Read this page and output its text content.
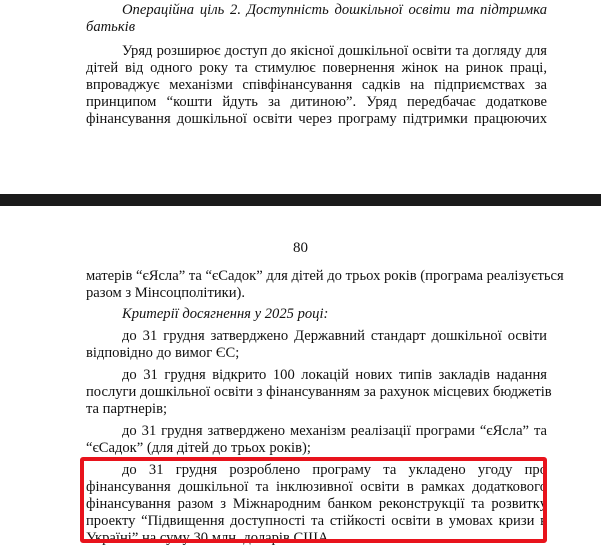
Операційна ціль 2. Доступність дошкільної освіти та підтримка
батьків
Уряд розширює доступ до якісної дошкільної освіти та догляду для
дітей від одного року та стимулює повернення жінок на ринок праці,
впроваджує механізми співфінансування садків на підприємствах за
принципом “кошти йдуть за дитиною”. Уряд передбачає додаткове
фінансування дошкільної освіти через програму підтримки працюючих
80
матерів “єЯсла” та “єСадок” для дітей до трьох років (програма реалізується
разом з Мінсоцполітики).
Критерії досягнення у 2025 році:
до 31 грудня затверджено Державний стандарт дошкільної освіти
відповідно до вимог ЄС;
до 31 грудня відкрито 100 локацій нових типів закладів надання
послуги дошкільної освіти з фінансуванням за рахунок місцевих бюджетів
та партнерів;
до 31 грудня затверджено механізм реалізації програми “єЯсла” та
“єСадок” (для дітей до трьох років);
до 31 грудня розроблено програму та укладено угоду про
фінансування дошкільної та інклюзивної освіти в рамках додаткового
фінансування разом з Міжнародним банком реконструкції та розвитку
проекту “Підвищення доступності та стійкості освіти в умовах кризи в
Україні” на суму 30 млн. доларів США.
